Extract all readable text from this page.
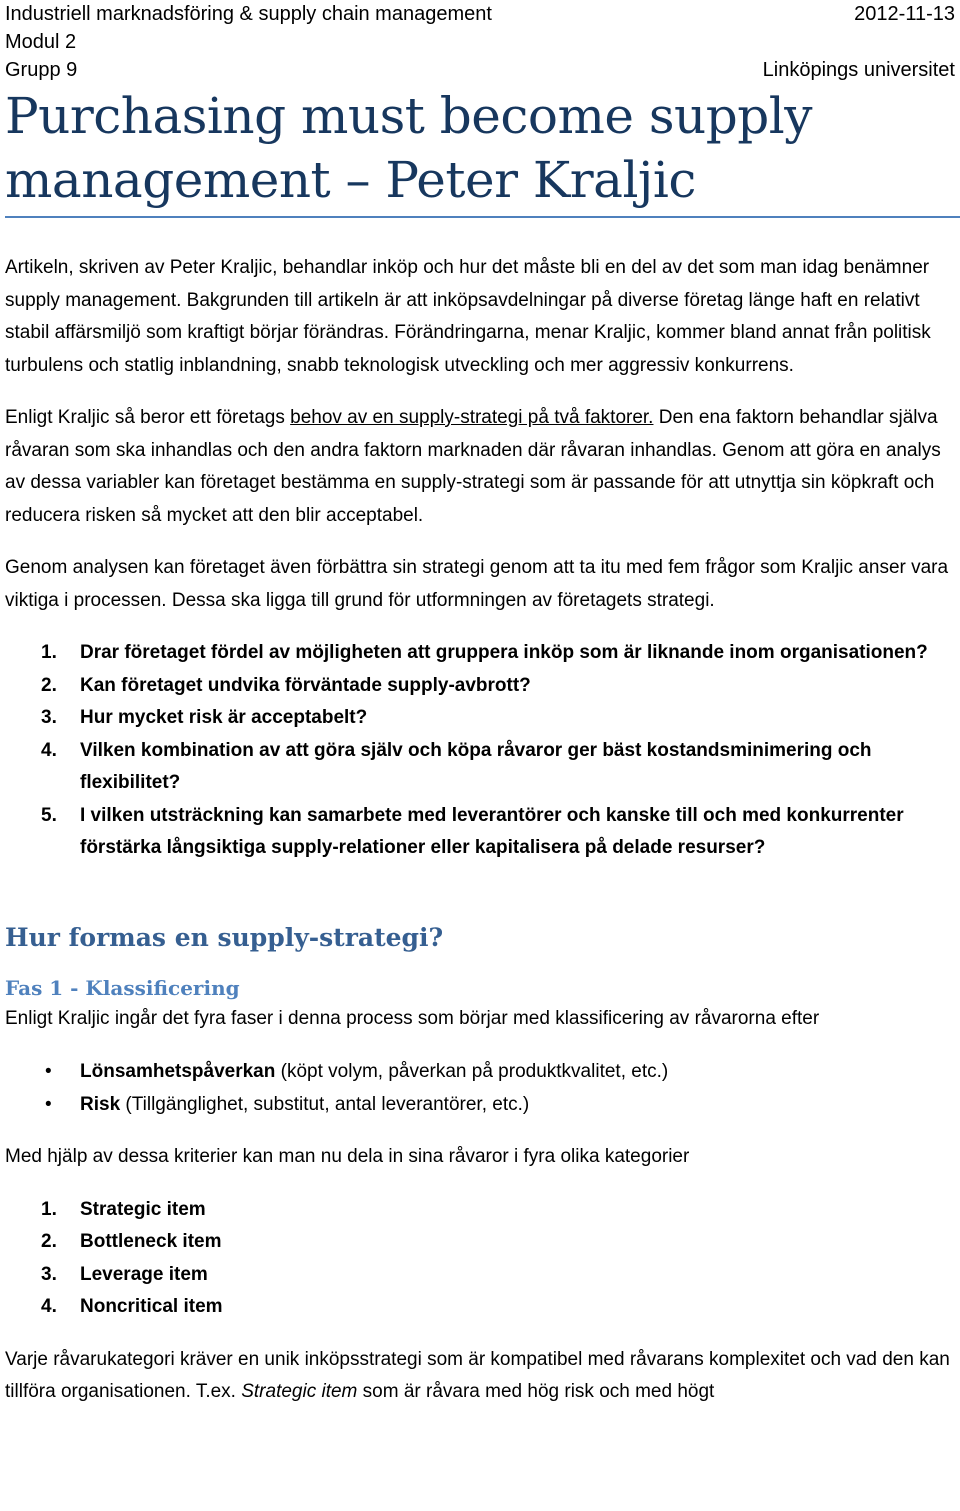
Industriell marknadsföring & supply chain management	2012-11-13
Modul 2
Grupp 9	Linköpings universitet
Purchasing must become supply management – Peter Kraljic

Artikeln, skriven av Peter Kraljic, behandlar inköp och hur det måste bli en del av det som man idag benämner supply management. Bakgrunden till artikeln är att inköpsavdelningar på diverse företag länge haft en relativt stabil affärsmiljö som kraftigt börjar förändras. Förändringarna, menar Kraljic, kommer bland annat från politisk turbulens och statlig inblandning, snabb teknologisk utveckling och mer aggressiv konkurrens.

Enligt Kraljic så beror ett företags behov av en supply-strategi på två faktorer. Den ena faktorn behandlar själva råvaran som ska inhandlas och den andra faktorn marknaden där råvaran inhandlas. Genom att göra en analys av dessa variabler kan företaget bestämma en supply-strategi som är passande för att utnyttja sin köpkraft och reducera risken så mycket att den blir acceptabel.

Genom analysen kan företaget även förbättra sin strategi genom att ta itu med fem frågor som Kraljic anser vara viktiga i processen. Dessa ska ligga till grund för utformningen av företagets strategi.

1.	Drar företaget fördel av möjligheten att gruppera inköp som är liknande inom organisationen?
2.	Kan företaget undvika förväntade supply-avbrott?
3.	Hur mycket risk är acceptabelt?
4.	Vilken kombination av att göra själv och köpa råvaror ger bäst kostandsminimering och flexibilitet?
5.	I vilken utsträckning kan samarbete med leverantörer och kanske till och med konkurrenter förstärka långsiktiga supply-relationer eller kapitalisera på delade resurser?
Hur formas en supply-strategi?
Fas 1 - Klassificering

Enligt Kraljic ingår det fyra faser i denna process som börjar med klassificering av råvarorna efter

•	Lönsamhetspåverkan (köpt volym, påverkan på produktkvalitet, etc.)
•	Risk (Tillgänglighet, substitut, antal leverantörer, etc.)

Med hjälp av dessa kriterier kan man nu dela in sina råvaror i fyra olika kategorier

1.	Strategic item
2.	Bottleneck item
3.	Leverage item
4.	Noncritical item

Varje råvarukategori kräver en unik inköpsstrategi som är kompatibel med råvarans komplexitet och vad den kan tillföra organisationen. T.ex. Strategic item som är råvara med hög risk och med högt
